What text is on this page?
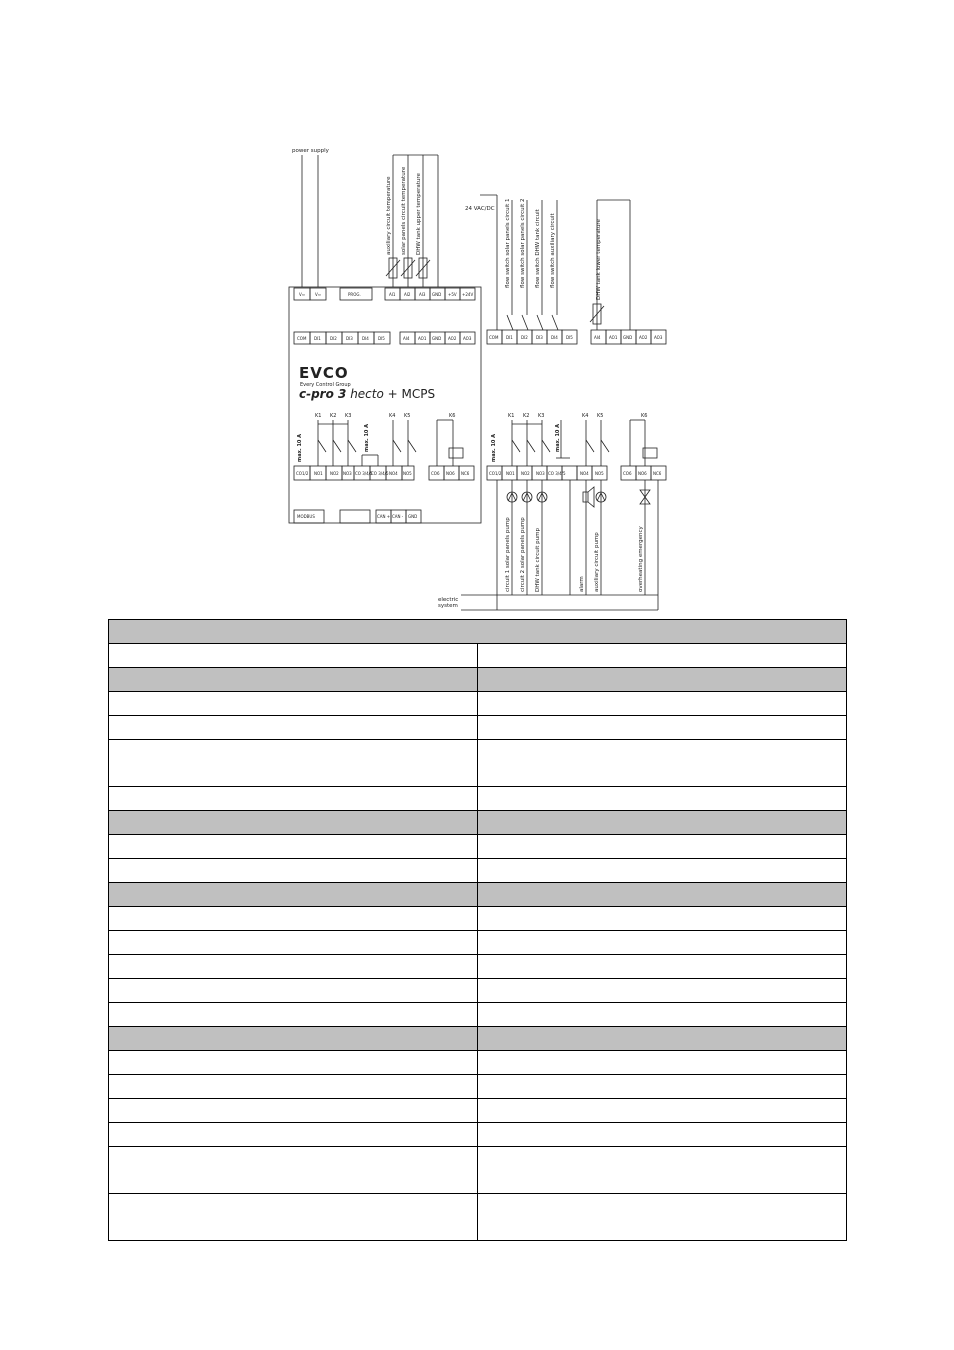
power supply
auxiliary circuit temperature solar panels circuit temperature DHW tank upper temperature	24 VAC/DC flow switch solar panels circuit 1 flow switch solar panels circuit 2 flow switch DHW tank circuit flow switch auxiliary circuit	DHW tank lower temperature
V≈ V≈	PROG.	AI1 AI2 AI3 GND +5V +24V
COM DI1 DI2 DI3 DI4 DI5	AI4 AO1 GND AO2 AO3
EVCO
Every Control Group
c-pro 3 hecto + MCPS
K1 K2 K3	K4 K5	K6
max. 10 A	max. 10 A
CO1/2 NO1 NO2 NO3 CO 3/4/5
CO 3/4/5 NO4 NO5	CO6 NO6 NC6
MODBUS	CAN + CAN - GND
COM DI1 DI2 DI3 DI4 DI5	AI4 AO1 GND AO2 AO3
K1 K2 K3	K4 K5	K6
max. 10 A	max. 10 A
CO1/2 NO1 NO2 NO3 CO 3/4/5	NO4 NO5	CO6 NO6 NC6
circuit 1 solar panels pump circuit 2 solar panels pump DHW tank circuit pump	alarm auxiliary circuit pump	overheating emergency
electric
system
